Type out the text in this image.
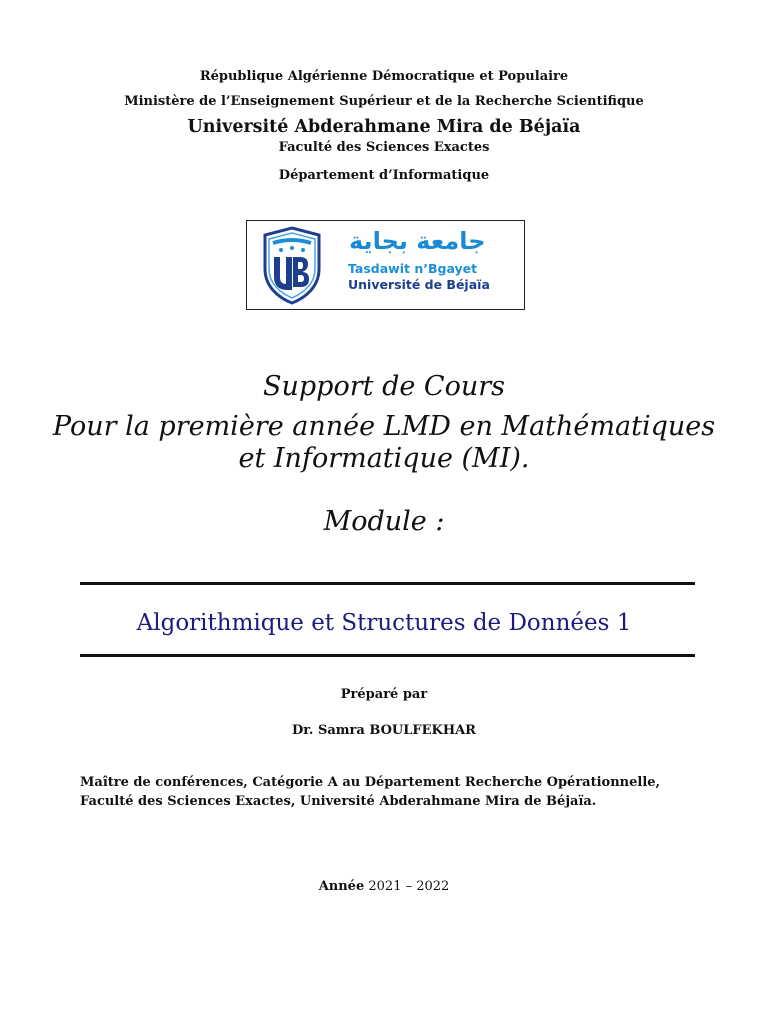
République Algérienne Démocratique et Populaire
Ministère de l’Enseignement Supérieur et de la Recherche Scientifique
Université Abderahmane Mira de Béjaïa
Faculté des Sciences Exactes
Département d’Informatique
جامعة بجاية
Tasdawit n’Bgayet
Université de Béjaïa
Support de Cours
Pour la première année LMD en Mathématiques
et Informatique (MI).
Module :
Algorithmique et Structures de Données 1
Préparé par
Dr. Samra BOULFEKHAR
Maître de conférences, Catégorie A au Département Recherche Opérationnelle,
Faculté des Sciences Exactes, Université Abderahmane Mira de Béjaïa.
Année 2021 – 2022
